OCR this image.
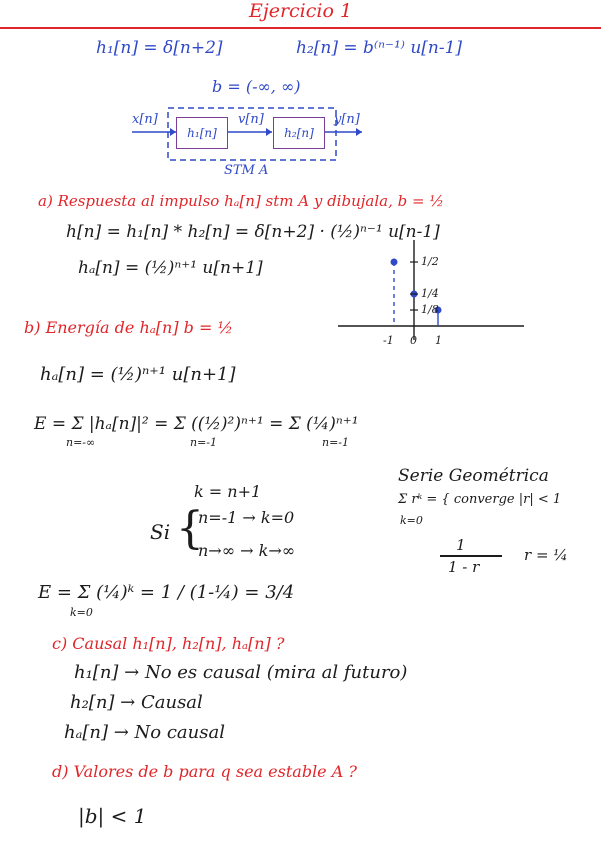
Ejercicio 1
h₁[n] = δ[n+2]	h₂[n] = b⁽ⁿ⁻¹⁾ u[n-1]
b = (-∞, ∞)
x[n]
h₁[n]
v[n]
h₂[n]
y[n]
STM A
a) Respuesta al impulso hₐ[n] stm A y dibujala, b = ½
h[n] = h₁[n] * h₂[n] = δ[n+2] · (½)ⁿ⁻¹ u[n-1]
hₐ[n] = (½)ⁿ⁺¹ u[n+1]	1/2
1/4
1/8
-1 0 1
b) Energía de hₐ[n] b = ½
hₐ[n] = (½)ⁿ⁺¹ u[n+1]
E = Σ |hₐ[n]|² = Σ ((½)²)ⁿ⁺¹ = Σ (¼)ⁿ⁺¹
n=-∞	n=-1	n=-1
k = n+1
Si {
n=-1 → k=0
n→∞ → k→∞
Serie Geométrica
Σ rᵏ = { converge |r| < 1
k=0
1
1 - r
r = ¼
E = Σ (¼)ᵏ = 1 / (1-¼) = 3/4
k=0
c) Causal h₁[n], h₂[n], hₐ[n] ?
h₁[n] → No es causal (mira al futuro)
h₂[n] → Causal
hₐ[n] → No causal
d) Valores de b para q sea estable A ?
|b| < 1
